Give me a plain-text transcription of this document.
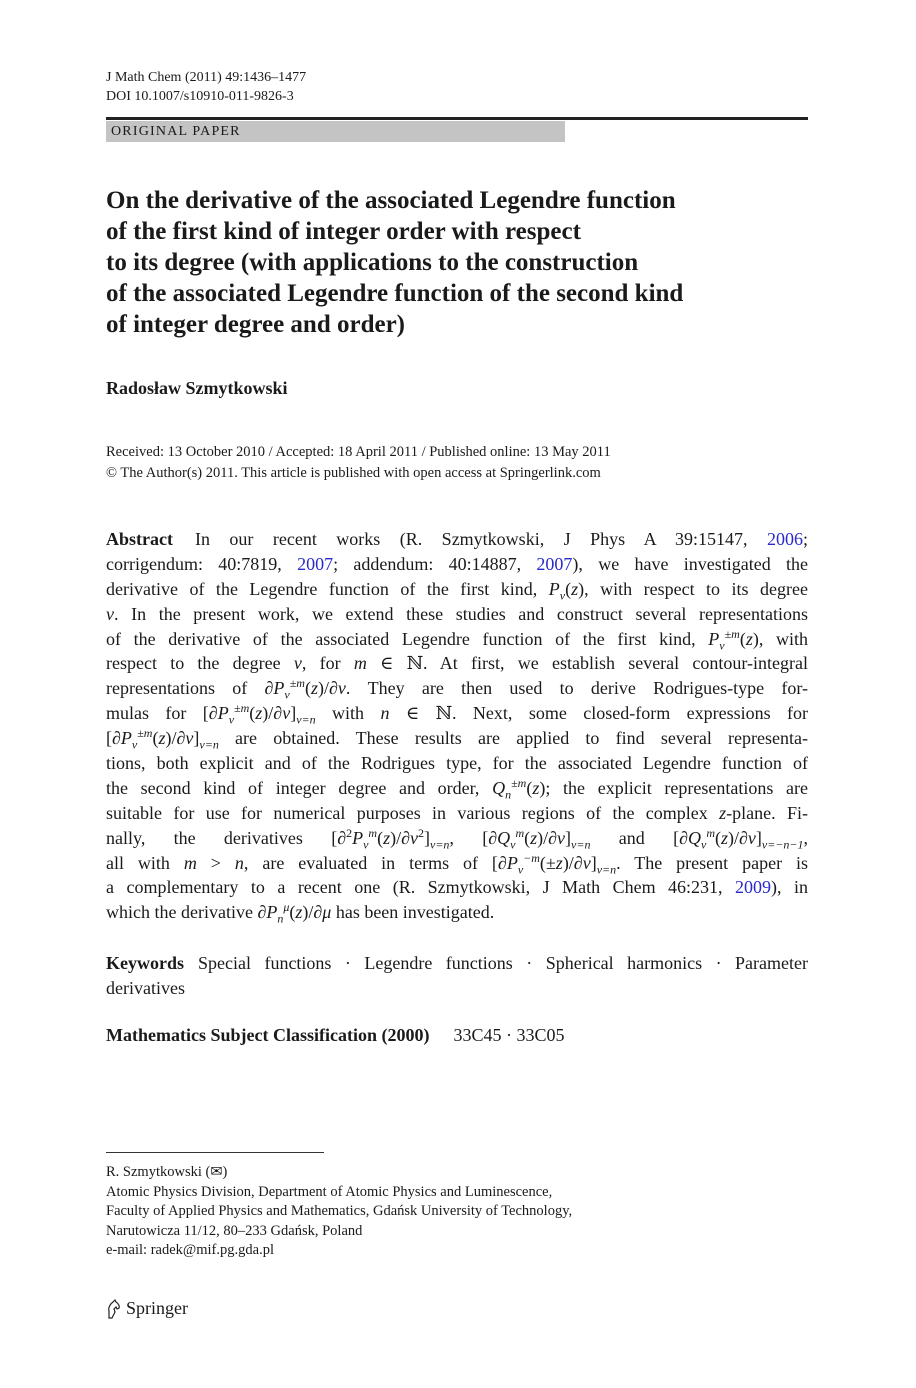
J Math Chem (2011) 49:1436–1477
DOI 10.1007/s10910-011-9826-3
ORIGINAL PAPER
On the derivative of the associated Legendre function
of the first kind of integer order with respect
to its degree (with applications to the construction
of the associated Legendre function of the second kind
of integer degree and order)
Radosław Szmytkowski
Received: 13 October 2010 / Accepted: 18 April 2011 / Published online: 13 May 2011
© The Author(s) 2011. This article is published with open access at Springerlink.com
Abstract In our recent works (R. Szmytkowski, J Phys A 39:15147, 2006;
corrigendum: 40:7819, 2007; addendum: 40:14887, 2007), we have investigated the
derivative of the Legendre function of the first kind, $P_\nu(z)$, with respect to its degree
ν. In the present work, we extend these studies and construct several representations
of the derivative of the associated Legendre function of the first kind, $P_\nu^{\pm m}(z)$, with
respect to the degree ν, for m ∈ ℕ. At first, we establish several contour-integral
representations of $\partial P_\nu^{\pm m}(z)/\partial\nu$. They are then used to derive Rodrigues-type for-
mulas for $[\partial P_\nu^{\pm m}(z)/\partial\nu]_{\nu=n}$ with n ∈ ℕ. Next, some closed-form expressions for
$[\partial P_\nu^{\pm m}(z)/\partial\nu]_{\nu=n}$ are obtained. These results are applied to find several representa-
tions, both explicit and of the Rodrigues type, for the associated Legendre function of
the second kind of integer degree and order, $Q_n^{\pm m}(z)$; the explicit representations are
suitable for use for numerical purposes in various regions of the complex z-plane. Fi-
nally, the derivatives $[\partial^2P_\nu^m(z)/\partial\nu^2]_{\nu=n}$, $[\partial Q_\nu^m(z)/\partial\nu]_{\nu=n}$ and $[\partial Q_\nu^m(z)/\partial\nu]_{\nu=-n-1}$,
all with m > n, are evaluated in terms of $[\partial P_\nu^{-m}(\pm z)/\partial\nu]_{\nu=n}$. The present paper is
a complementary to a recent one (R. Szmytkowski, J Math Chem 46:231, 2009), in
which the derivative $\partial P_n^\mu(z)/\partial\mu$ has been investigated.
Keywords Special functions · Legendre functions · Spherical harmonics · Parameter
derivatives
Mathematics Subject Classification (2000) 33C45 · 33C05
R. Szmytkowski (✉)
Atomic Physics Division, Department of Atomic Physics and Luminescence,
Faculty of Applied Physics and Mathematics, Gdańsk University of Technology,
Narutowicza 11/12, 80–233 Gdańsk, Poland
e-mail: radek@mif.pg.gda.pl
Springer
